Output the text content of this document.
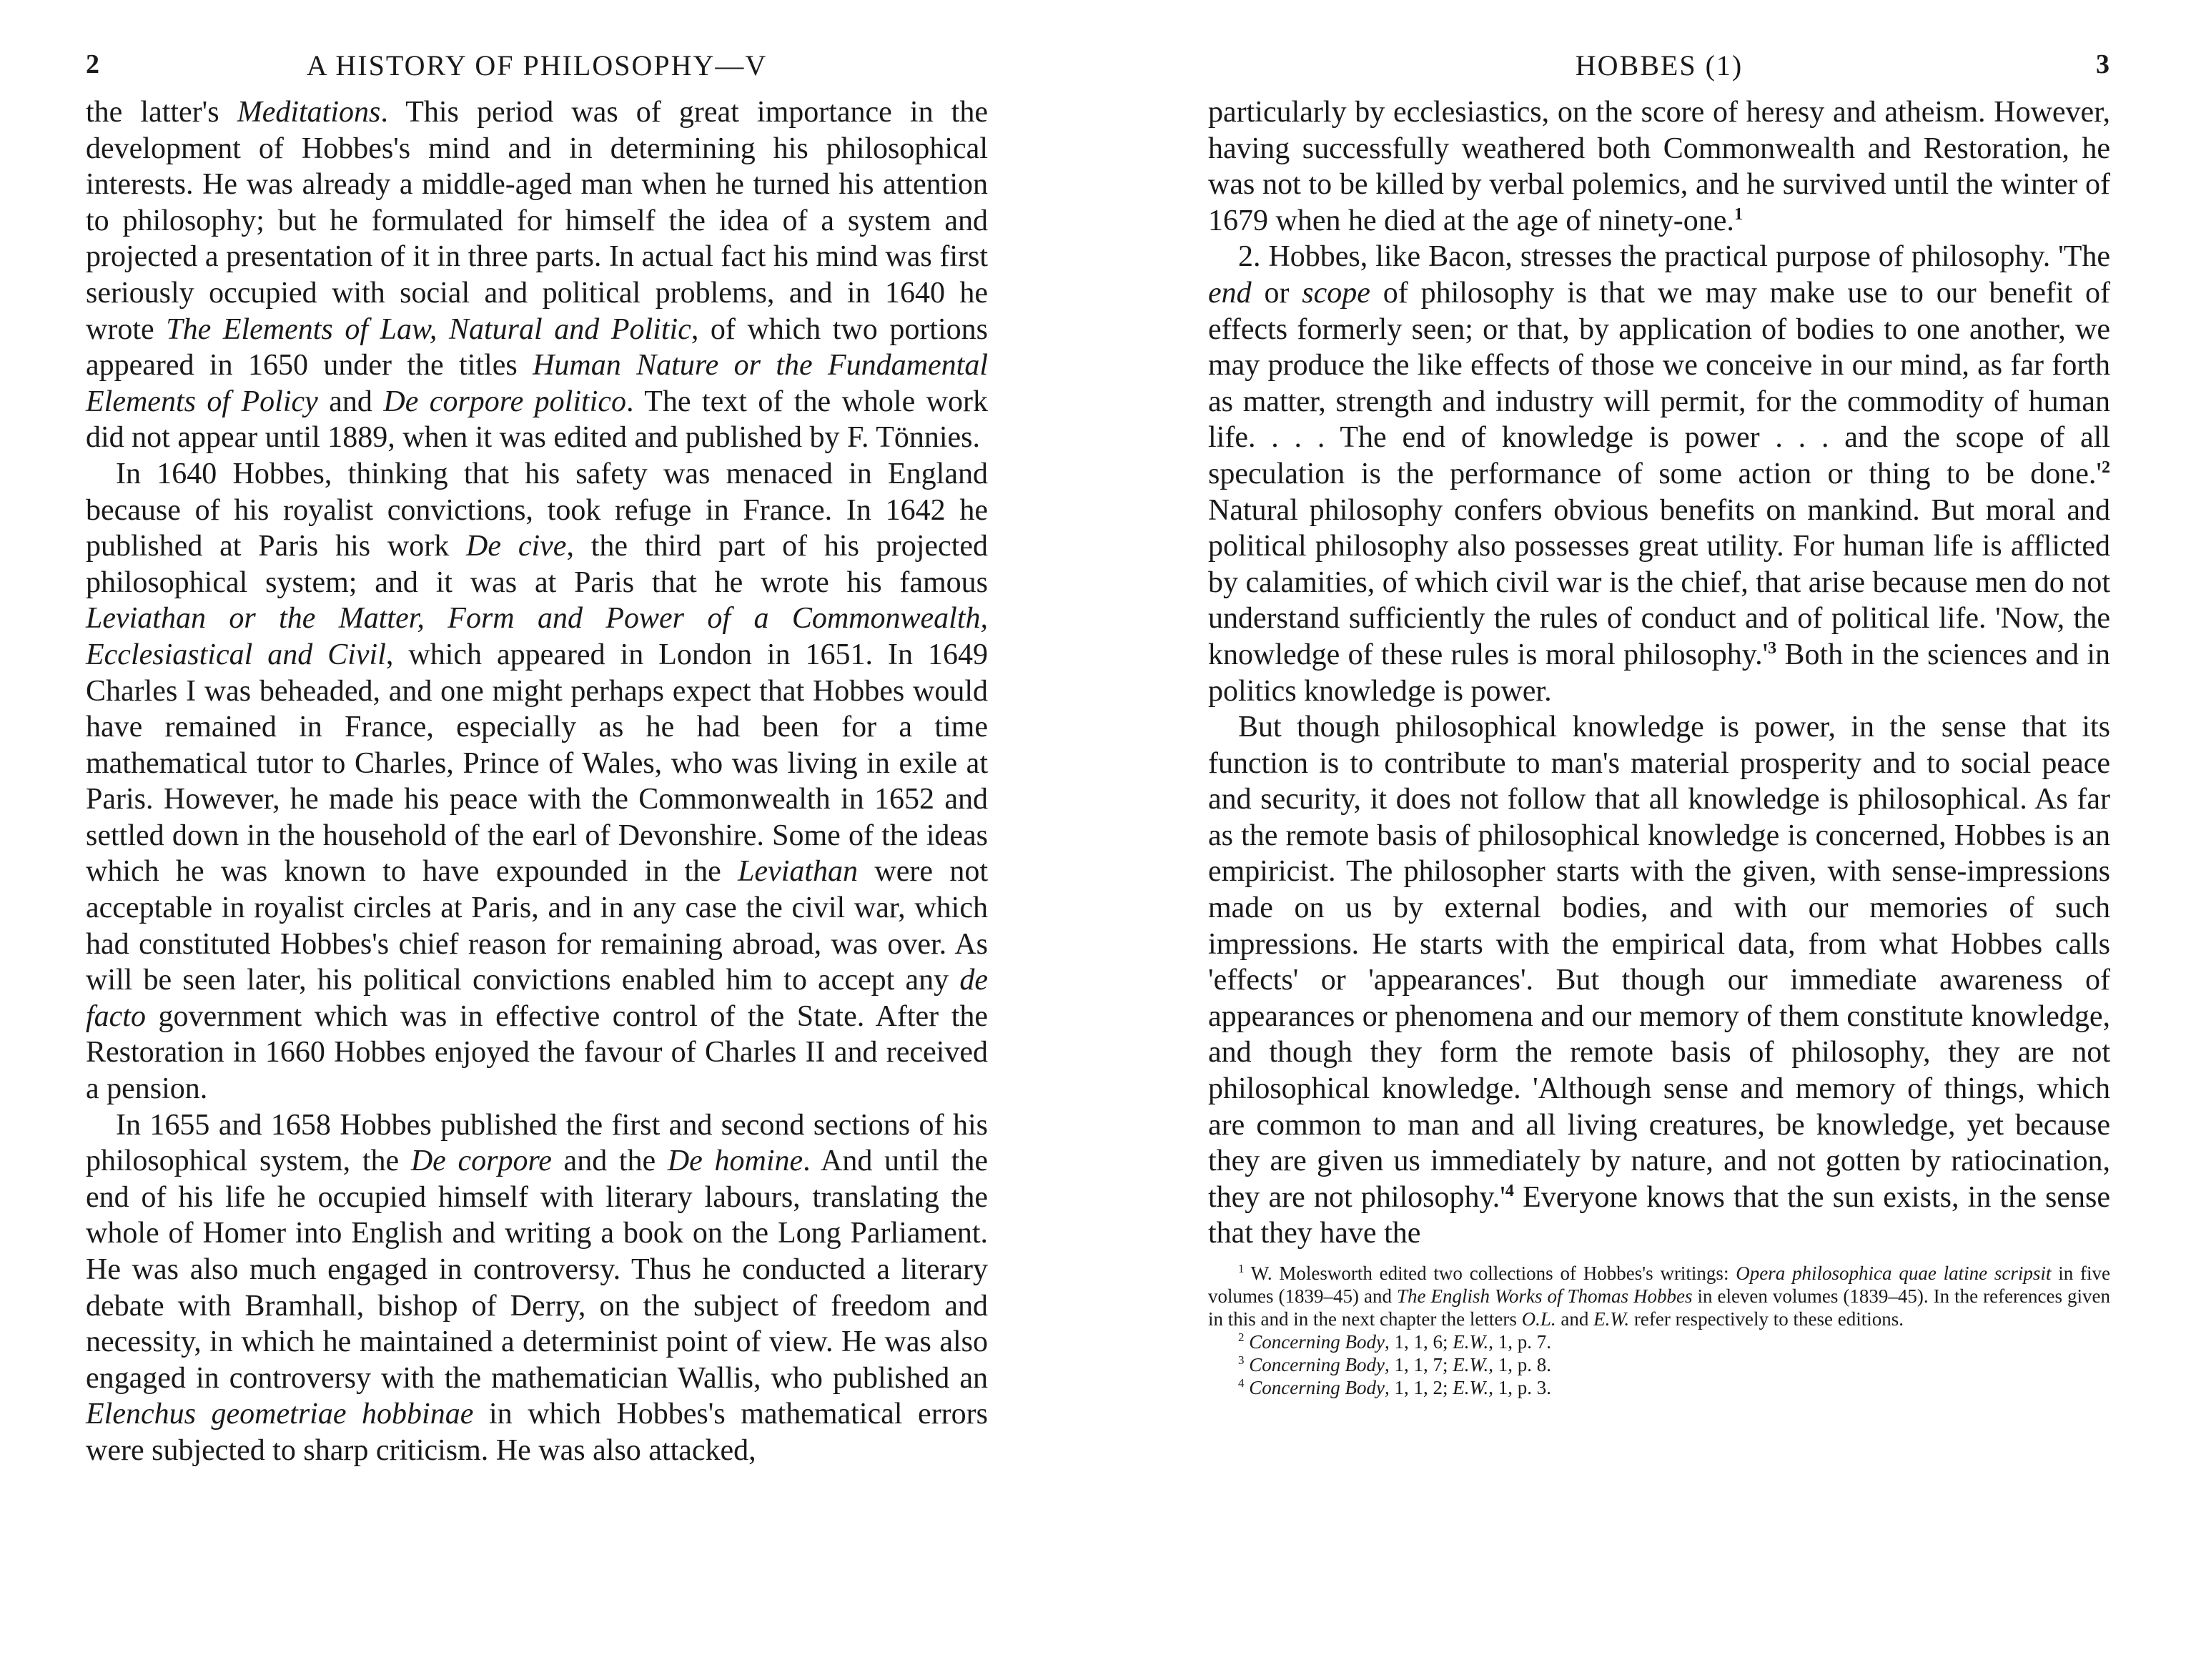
2	A HISTORY OF PHILOSOPHY—V

the latter's Meditations. This period was of great importance in the development of Hobbes's mind and in determining his philosophical interests. He was already a middle-aged man when he turned his attention to philosophy; but he formulated for himself the idea of a system and projected a presentation of it in three parts. In actual fact his mind was first seriously occupied with social and political problems, and in 1640 he wrote The Elements of Law, Natural and Politic, of which two portions appeared in 1650 under the titles Human Nature or the Fundamental Elements of Policy and De corpore politico. The text of the whole work did not appear until 1889, when it was edited and published by F. Tönnies.

In 1640 Hobbes, thinking that his safety was menaced in England because of his royalist convictions, took refuge in France. In 1642 he published at Paris his work De cive, the third part of his projected philosophical system; and it was at Paris that he wrote his famous Leviathan or the Matter, Form and Power of a Commonwealth, Ecclesiastical and Civil, which appeared in London in 1651. In 1649 Charles I was beheaded, and one might perhaps expect that Hobbes would have remained in France, especially as he had been for a time mathematical tutor to Charles, Prince of Wales, who was living in exile at Paris. However, he made his peace with the Commonwealth in 1652 and settled down in the household of the earl of Devonshire. Some of the ideas which he was known to have expounded in the Leviathan were not acceptable in royalist circles at Paris, and in any case the civil war, which had constituted Hobbes's chief reason for remaining abroad, was over. As will be seen later, his political convictions enabled him to accept any de facto government which was in effective control of the State. After the Restoration in 1660 Hobbes enjoyed the favour of Charles II and received a pension.

In 1655 and 1658 Hobbes published the first and second sections of his philosophical system, the De corpore and the De homine. And until the end of his life he occupied himself with literary labours, translating the whole of Homer into English and writing a book on the Long Parliament. He was also much engaged in controversy. Thus he conducted a literary debate with Bramhall, bishop of Derry, on the subject of freedom and necessity, in which he maintained a determinist point of view. He was also engaged in controversy with the mathematician Wallis, who published an Elenchus geometriae hobbinae in which Hobbes's mathematical errors were subjected to sharp criticism. He was also attacked,

HOBBES (1)	3

particularly by ecclesiastics, on the score of heresy and atheism. However, having successfully weathered both Commonwealth and Restoration, he was not to be killed by verbal polemics, and he survived until the winter of 1679 when he died at the age of ninety-one.$^1$

2. Hobbes, like Bacon, stresses the practical purpose of philosophy. 'The end or scope of philosophy is that we may make use to our benefit of effects formerly seen; or that, by application of bodies to one another, we may produce the like effects of those we conceive in our mind, as far forth as matter, strength and industry will permit, for the commodity of human life. . . . The end of knowledge is power . . . and the scope of all speculation is the performance of some action or thing to be done.'$^2$ Natural philosophy confers obvious benefits on mankind. But moral and political philosophy also possesses great utility. For human life is afflicted by calamities, of which civil war is the chief, that arise because men do not understand sufficiently the rules of conduct and of political life. 'Now, the knowledge of these rules is moral philosophy.'$^3$ Both in the sciences and in politics knowledge is power.

But though philosophical knowledge is power, in the sense that its function is to contribute to man's material prosperity and to social peace and security, it does not follow that all knowledge is philosophical. As far as the remote basis of philosophical knowledge is concerned, Hobbes is an empiricist. The philosopher starts with the given, with sense-impressions made on us by external bodies, and with our memories of such impressions. He starts with the empirical data, from what Hobbes calls 'effects' or 'appearances'. But though our immediate awareness of appearances or phenomena and our memory of them constitute knowledge, and though they form the remote basis of philosophy, they are not philosophical knowledge. 'Although sense and memory of things, which are common to man and all living creatures, be knowledge, yet because they are given us immediately by nature, and not gotten by ratiocination, they are not philosophy.'$^4$ Everyone knows that the sun exists, in the sense that they have the

$^1$ W. Molesworth edited two collections of Hobbes's writings: Opera philosophica quae latine scripsit in five volumes (1839–45) and The English Works of Thomas Hobbes in eleven volumes (1839–45). In the references given in this and in the next chapter the letters O.L. and E.W. refer respectively to these editions.

$^2$ Concerning Body, 1, 1, 6; E.W., 1, p. 7.

$^3$ Concerning Body, 1, 1, 7; E.W., 1, p. 8.

$^4$ Concerning Body, 1, 1, 2; E.W., 1, p. 3.
